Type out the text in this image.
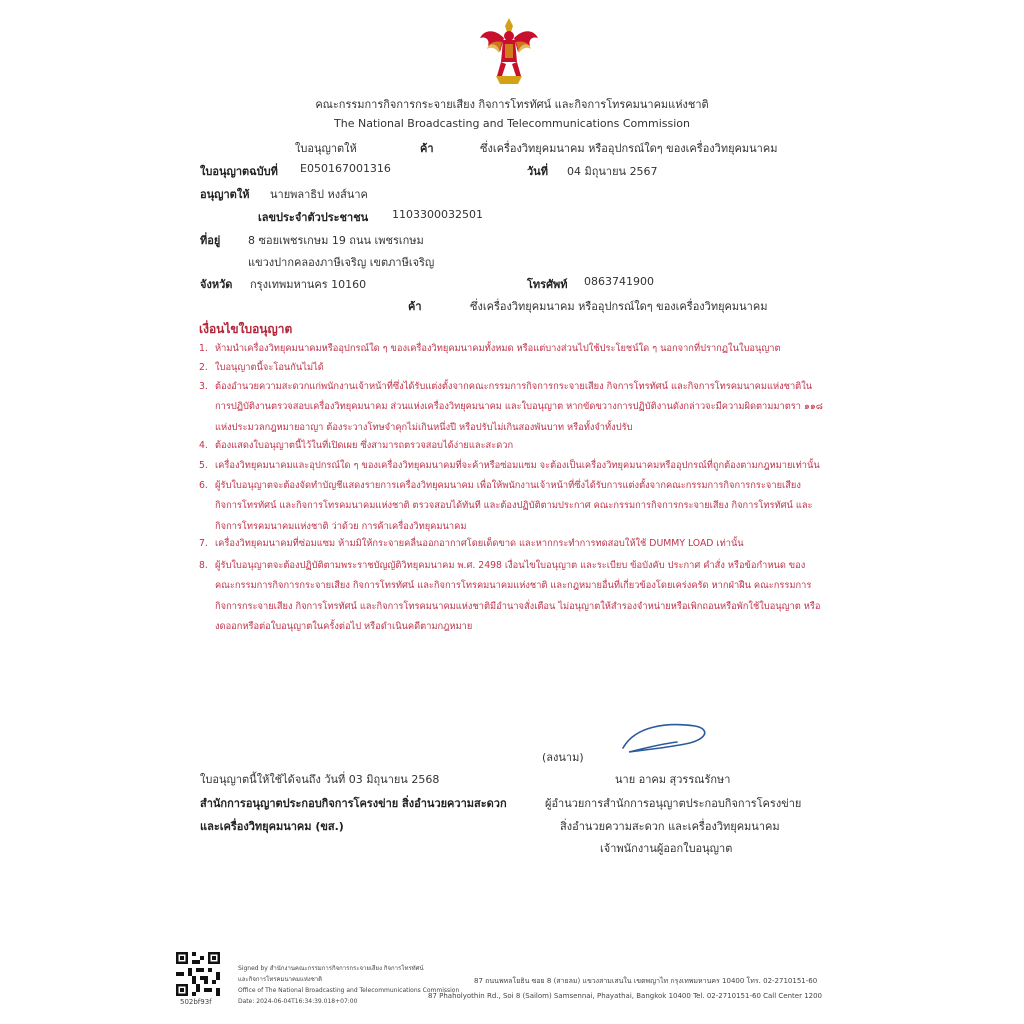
คณะกรรมการกิจการกระจายเสียง กิจการโทรทัศน์ และกิจการโทรคมนาคมแห่งชาติ
The National Broadcasting and Telecommunications Commission
ใบอนุญาตให้	ค้า	ซึ่งเครื่องวิทยุคมนาคม หรืออุปกรณ์ใดๆ ของเครื่องวิทยุคมนาคม
ใบอนุญาตฉบับที่ E050167001316	วันที่ 04 มิถุนายน 2567
อนุญาตให้ นายพลาธิป หงส์นาค
เลขประจำตัวประชาชน 1103300032501
ที่อยู่	8 ซอยเพชรเกษม 19 ถนน เพชรเกษม
แขวงปากคลองภาษีเจริญ เขตภาษีเจริญ
จังหวัด กรุงเทพมหานคร 10160	โทรศัพท์ 0863741900
ค้า	ซึ่งเครื่องวิทยุคมนาคม หรืออุปกรณ์ใดๆ ของเครื่องวิทยุคมนาคม
เงื่อนไขใบอนุญาต
1. ห้ามนำเครื่องวิทยุคมนาคมหรืออุปกรณ์ใด ๆ ของเครื่องวิทยุคมนาคมทั้งหมด หรือแต่บางส่วนไปใช้ประโยชน์ใด ๆ นอกจากที่ปรากฏในใบอนุญาต
2. ใบอนุญาตนี้จะโอนกันไม่ได้
3. ต้องอำนวยความสะดวกแก่พนักงานเจ้าหน้าที่ซึ่งได้รับแต่งตั้งจากคณะกรรมการกิจการกระจายเสียง กิจการโทรทัศน์ และกิจการโทรคมนาคมแห่งชาติในการปฏิบัติงานตรวจสอบเครื่องวิทยุคมนาคม ส่วนแห่งเครื่องวิทยุคมนาคม และใบอนุญาต หากขัดขวางการปฏิบัติงานดังกล่าวจะมีความผิดตามมาตรา ๑๑๘ แห่งประมวลกฎหมายอาญา ต้องระวางโทษจำคุกไม่เกินหนึ่งปี หรือปรับไม่เกินสองพันบาท หรือทั้งจำทั้งปรับ
4. ต้องแสดงใบอนุญาตนี้ไว้ในที่เปิดเผย ซึ่งสามารถตรวจสอบได้ง่ายและสะดวก
5. เครื่องวิทยุคมนาคมและอุปกรณ์ใด ๆ ของเครื่องวิทยุคมนาคมที่จะค้าหรือซ่อมแซม จะต้องเป็นเครื่องวิทยุคมนาคมหรืออุปกรณ์ที่ถูกต้องตามกฎหมายเท่านั้น
6. ผู้รับใบอนุญาตจะต้องจัดทำบัญชีแสดงรายการเครื่องวิทยุคมนาคม เพื่อให้พนักงานเจ้าหน้าที่ซึ่งได้รับการแต่งตั้งจากคณะกรรมการกิจการกระจายเสียง กิจการโทรทัศน์ และกิจการโทรคมนาคมแห่งชาติ ตรวจสอบได้ทันที และต้องปฏิบัติตามประกาศ คณะกรรมการกิจการกระจายเสียง กิจการโทรทัศน์ และกิจการโทรคมนาคมแห่งชาติ ว่าด้วย การค้าเครื่องวิทยุคมนาคม
7. เครื่องวิทยุคมนาคมที่ซ่อมแซม ห้ามมิให้กระจายคลื่นออกอากาศโดยเด็ดขาด และหากกระทำการทดสอบให้ใช้ DUMMY LOAD เท่านั้น
8. ผู้รับใบอนุญาตจะต้องปฏิบัติตามพระราชบัญญัติวิทยุคมนาคม พ.ศ. 2498 เงื่อนไขใบอนุญาต และระเบียบ ข้อบังคับ ประกาศ คำสั่ง หรือข้อกำหนด ของคณะกรรมการกิจการกระจายเสียง กิจการโทรทัศน์ และกิจการโทรคมนาคมแห่งชาติ และกฎหมายอื่นที่เกี่ยวข้องโดยเคร่งครัด หากฝ่าฝืน คณะกรรมการกิจการกระจายเสียง กิจการโทรทัศน์ และกิจการโทรคมนาคมแห่งชาติมีอำนาจสั่งเตือน ไม่อนุญาตให้สำรองจำหน่ายหรือเพิกถอนหรือพักใช้ใบอนุญาต หรืองดออกหรือต่อใบอนุญาตในครั้งต่อไป หรือดำเนินคดีตามกฎหมาย
(ลงนาม)
ใบอนุญาตนี้ให้ใช้ได้จนถึง วันที่ 03 มิถุนายน 2568	นาย อาคม สุวรรณรักษา
สำนักการอนุญาตประกอบกิจการโครงข่าย สิ่งอำนวยความสะดวก	ผู้อำนวยการสำนักการอนุญาตประกอบกิจการโครงข่าย
และเครื่องวิทยุคมนาคม (ขส.)	สิ่งอำนวยความสะดวก และเครื่องวิทยุคมนาคม
เจ้าพนักงานผู้ออกใบอนุญาต
502bf93f
Signed by สำนักงานคณะกรรมการกิจการกระจายเสียง กิจการโทรทัศน์
และกิจการโทรคมนาคมแห่งชาติ
Office of The National Broadcasting and Telecommunications Commission
Date: 2024-06-04T16:34:39.018+07:00
87 ถนนพหลโยธิน ซอย 8 (สายลม) แขวงสามเสนใน เขตพญาไท กรุงเทพมหานคร 10400 โทร. 02-2710151-60
87 Phaholyothin Rd., Soi 8 (Sailom) Samsennai, Phayathai, Bangkok 10400 Tel. 02-2710151-60 Call Center 1200
